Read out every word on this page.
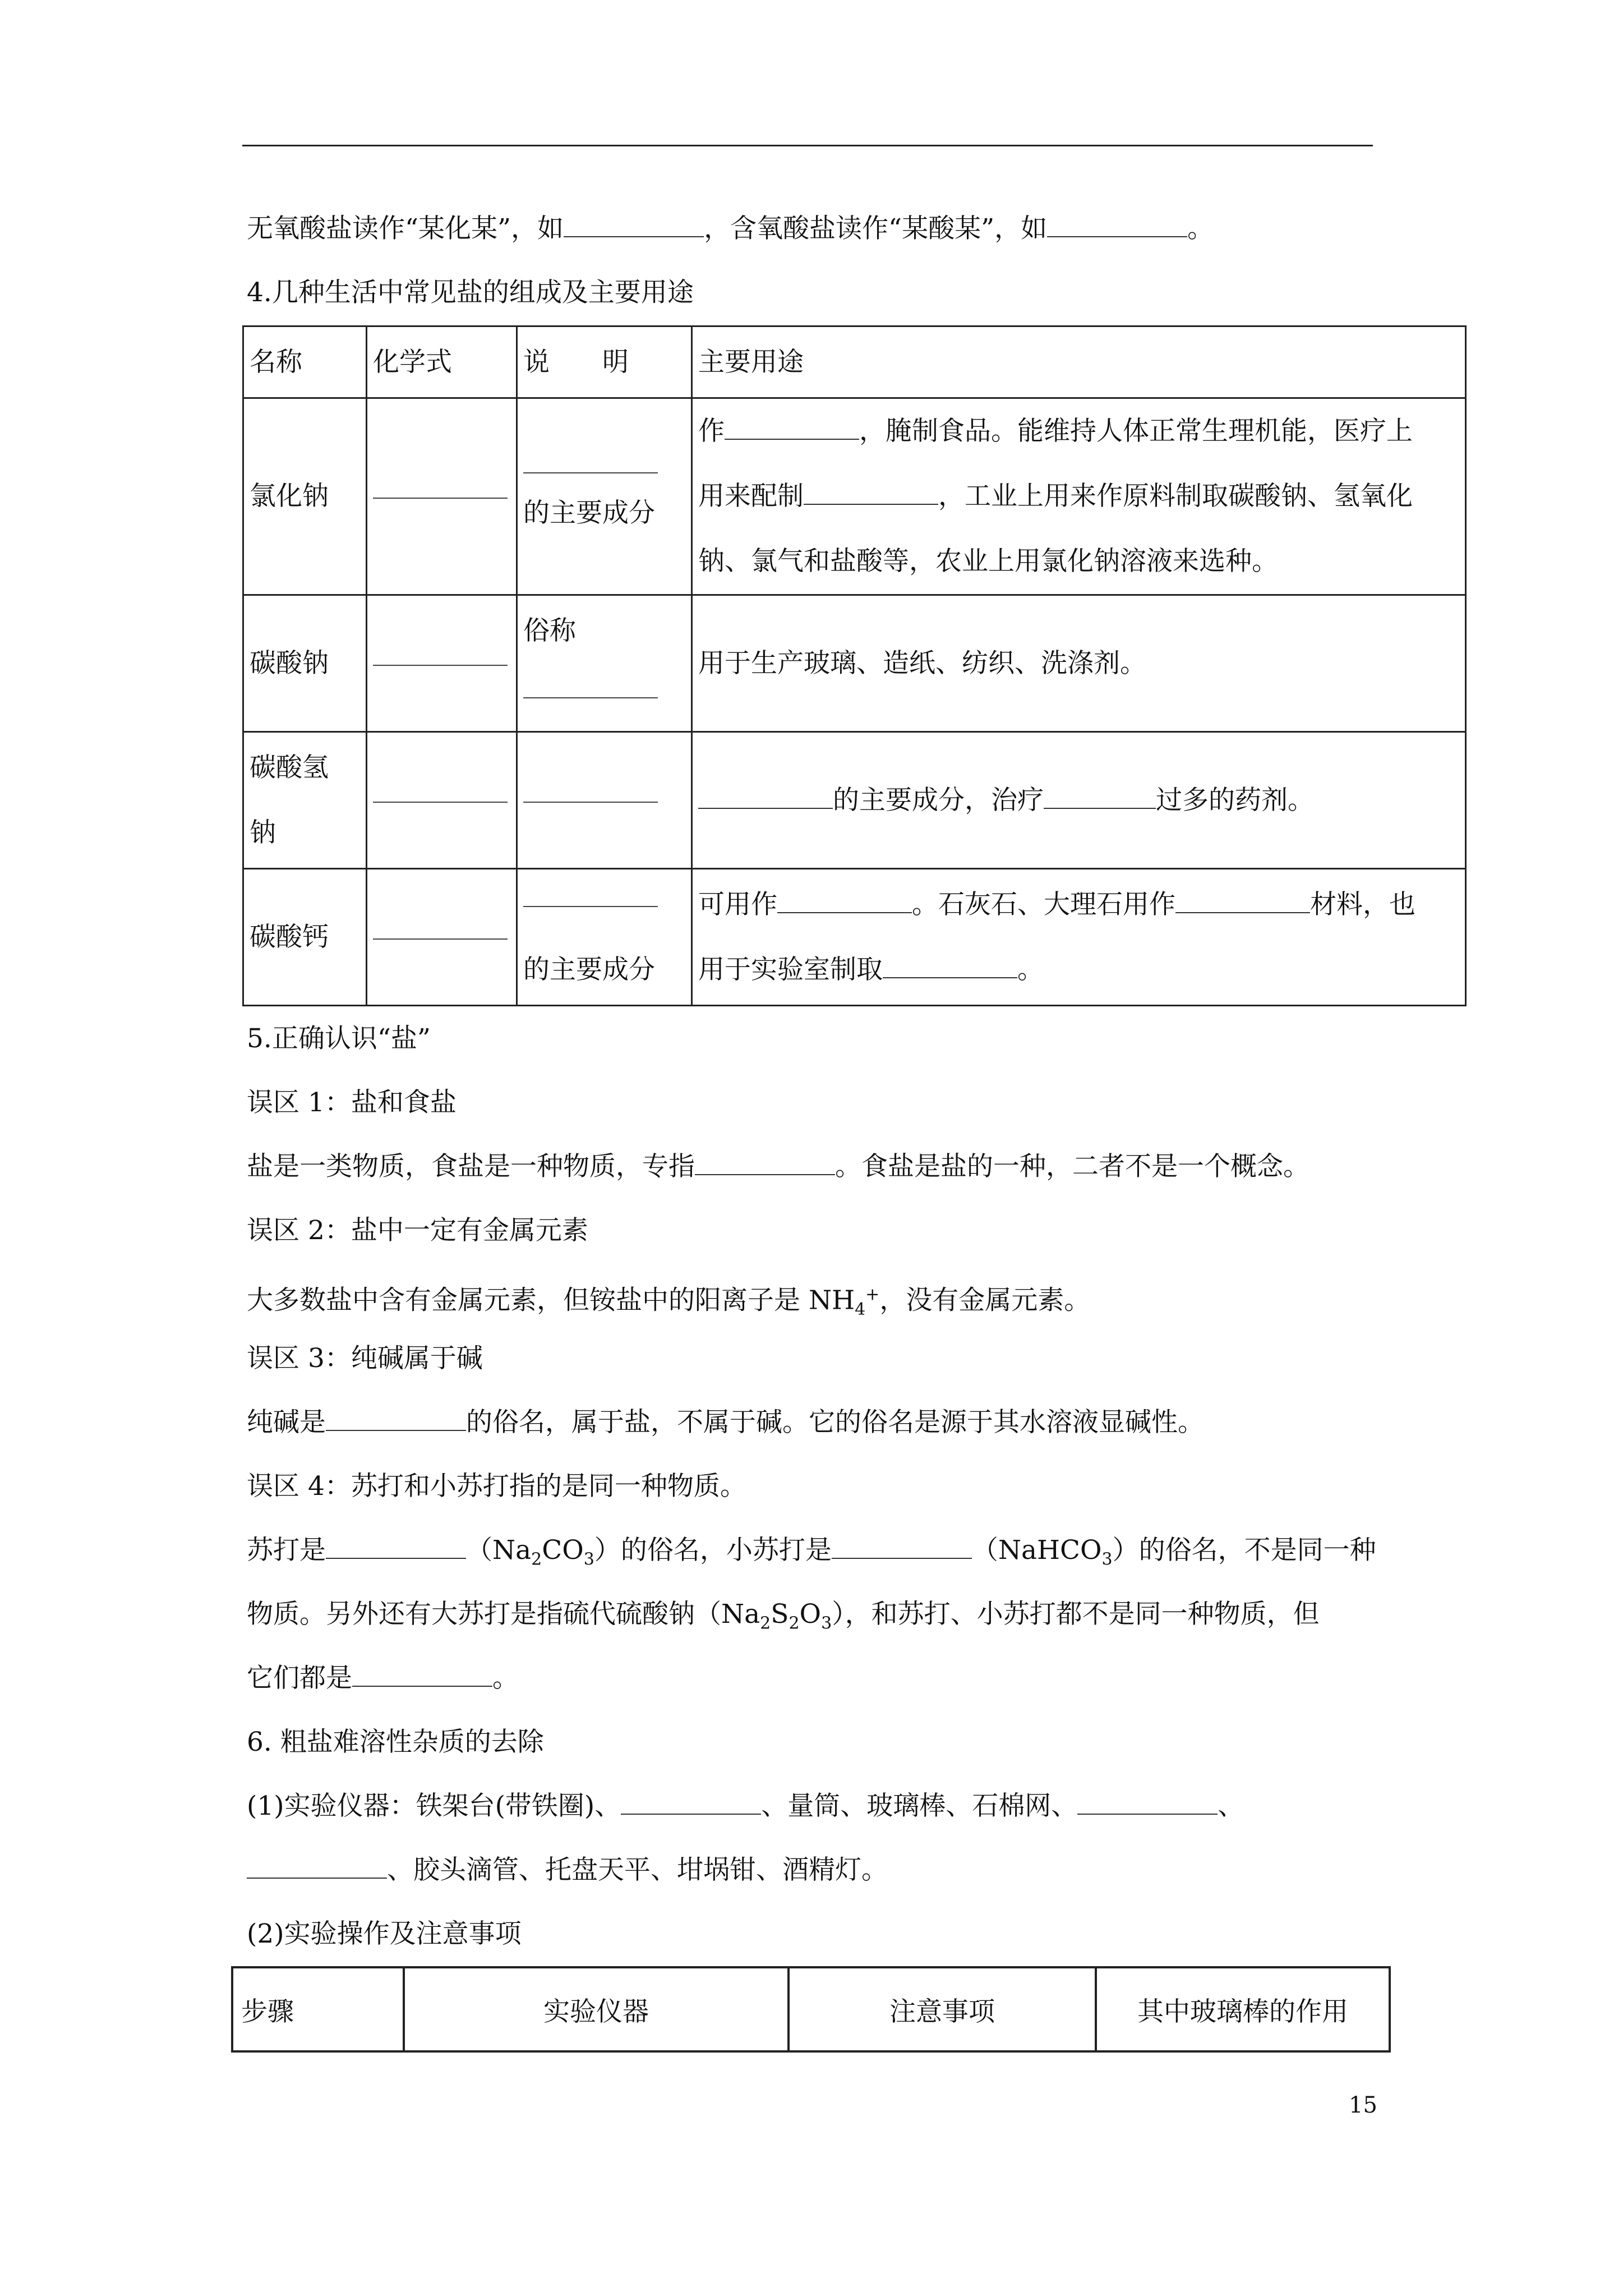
无氧酸盐读作“某化某”，如	，含氧酸盐读作“某酸某”，如	。
4.几种生活中常见盐的组成及主要用途
名称	化学式	说　　明	主要用途
氯化钠		的主要成分	作 ，腌制食品。能维持人体正常生理机能，医疗上
用来配制 ，工业上用来作原料制取碳酸钠、氢氧化
钠、氯气和盐酸等，农业上用氯化钠溶液来选种。
碳酸钠		俗称	用于生产玻璃、造纸、纺织、洗涤剂。

碳酸氢
钠			的主要成分，治疗 过多的药剂。
碳酸钙		的主要成分	可用作 。石灰石、大理石用作 材料，也
用于实验室制取 。
5.正确认识“盐”
误区 1：盐和食盐
盐是一类物质，食盐是一种物质，专指	。食盐是盐的一种，二者不是一个概念。
误区 2：盐中一定有金属元素
大多数盐中含有金属元素，但铵盐中的阳离子是 $NH_4^+$，没有金属元素。
误区 3：纯碱属于碱
纯碱是	的俗名，属于盐，不属于碱。它的俗名是源于其水溶液显碱性。
误区 4：苏打和小苏打指的是同一种物质。
苏打是	$(Na_2CO_3)$的俗名，小苏打是	（NaHCO$_3$）的俗名，不是同一种
物质。另外还有大苏打是指硫代硫酸钠$(Na_2S_2O_3)$，和苏打、小苏打都不是同一种物质，但
它们都是	。
6. 粗盐难溶性杂质的去除
(1)实验仪器：铁架台(带铁圈)、	、量筒、玻璃棒、石棉网、	、
、胶头滴管、托盘天平、坩埚钳、酒精灯。
(2)实验操作及注意事项
步骤	实验仪器	注意事项	其中玻璃棒的作用
15
